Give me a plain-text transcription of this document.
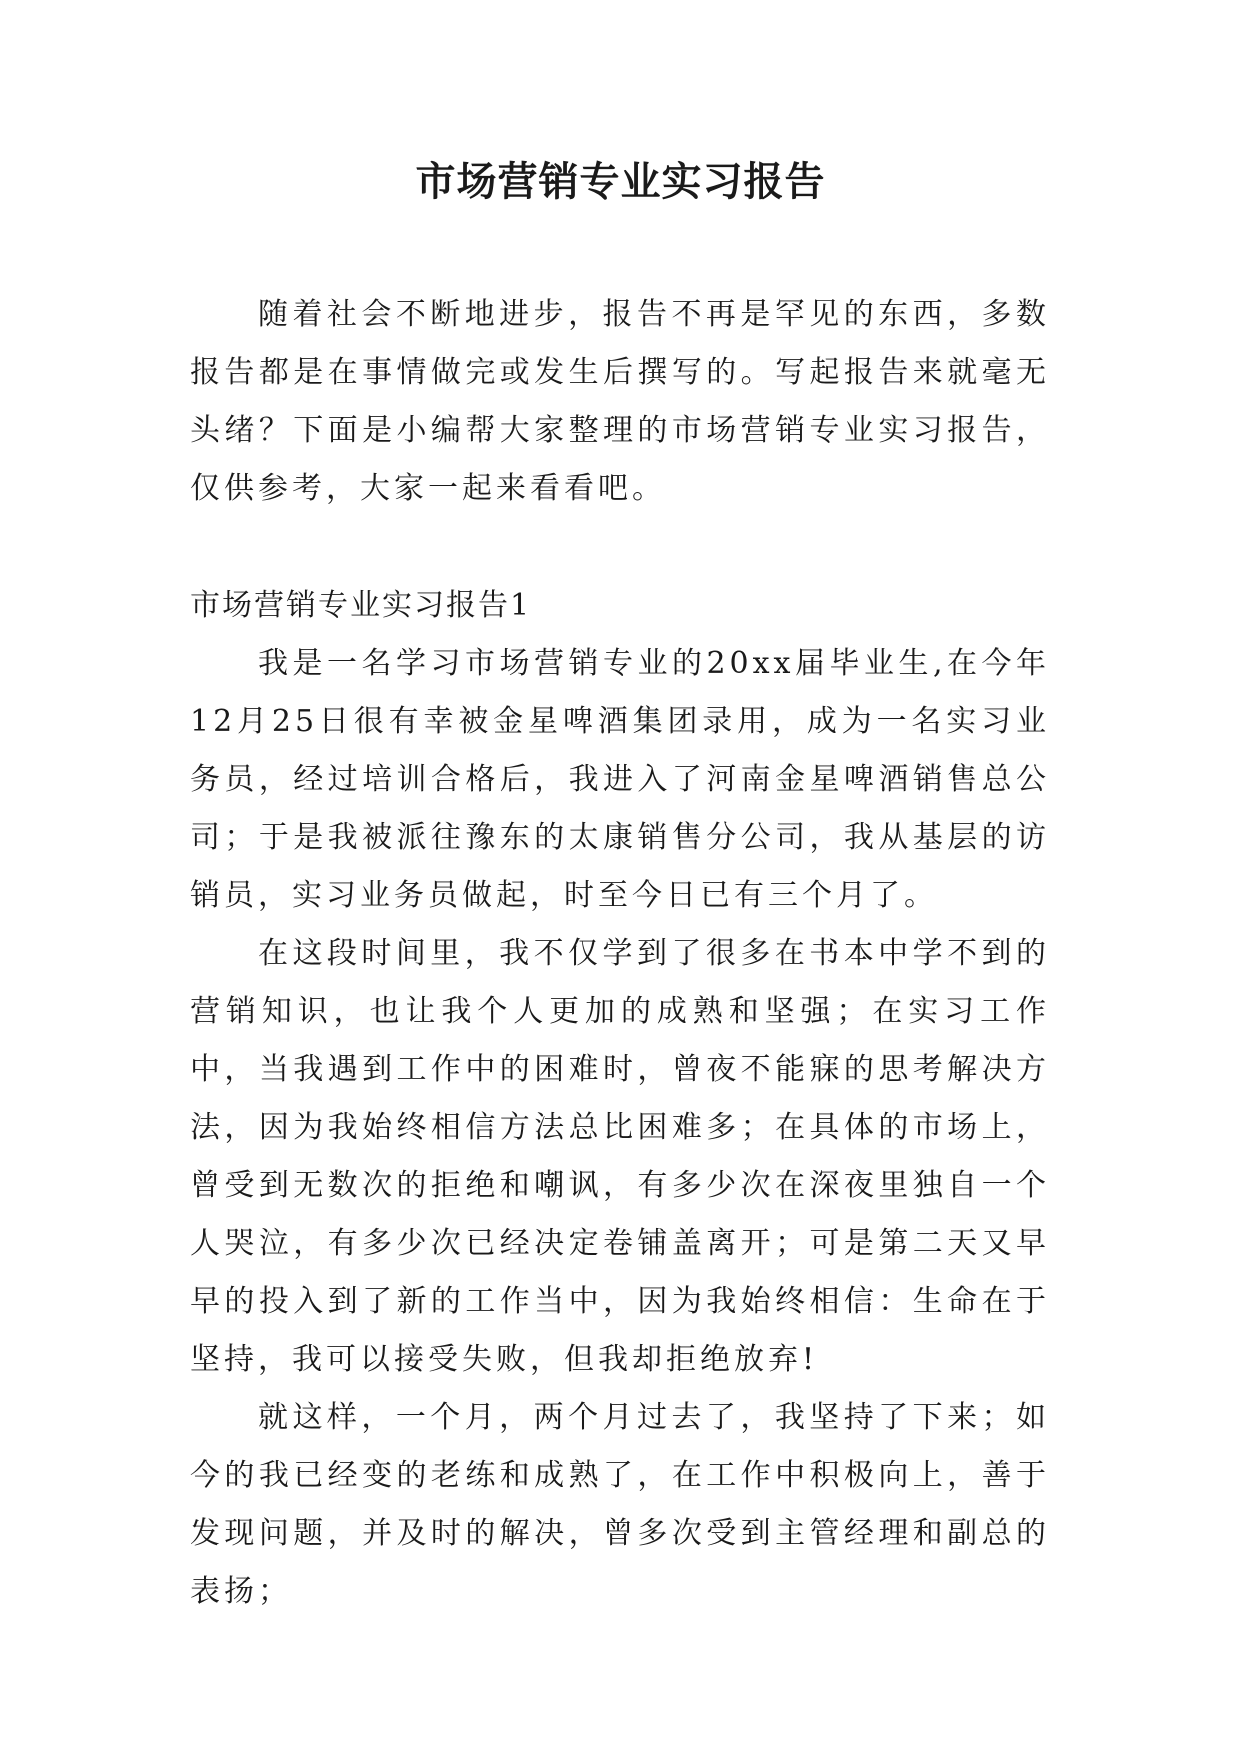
市场营销专业实习报告

随着社会不断地进步，报告不再是罕见的东西，多数报告都是在事情做完或发生后撰写的。写起报告来就毫无头绪？下面是小编帮大家整理的市场营销专业实习报告，仅供参考，大家一起来看看吧。

市场营销专业实习报告1

我是一名学习市场营销专业的20xx届毕业生,在今年12月25日很有幸被金星啤酒集团录用，成为一名实习业务员，经过培训合格后，我进入了河南金星啤酒销售总公司；于是我被派往豫东的太康销售分公司，我从基层的访销员，实习业务员做起，时至今日已有三个月了。

在这段时间里，我不仅学到了很多在书本中学不到的营销知识，也让我个人更加的成熟和坚强；在实习工作中，当我遇到工作中的困难时，曾夜不能寐的思考解决方法，因为我始终相信方法总比困难多；在具体的市场上，曾受到无数次的拒绝和嘲讽，有多少次在深夜里独自一个人哭泣，有多少次已经决定卷铺盖离开；可是第二天又早早的投入到了新的工作当中，因为我始终相信：生命在于坚持，我可以接受失败，但我却拒绝放弃!

就这样，一个月，两个月过去了，我坚持了下来；如今的我已经变的老练和成熟了，在工作中积极向上，善于发现问题，并及时的解决，曾多次受到主管经理和副总的表扬；
